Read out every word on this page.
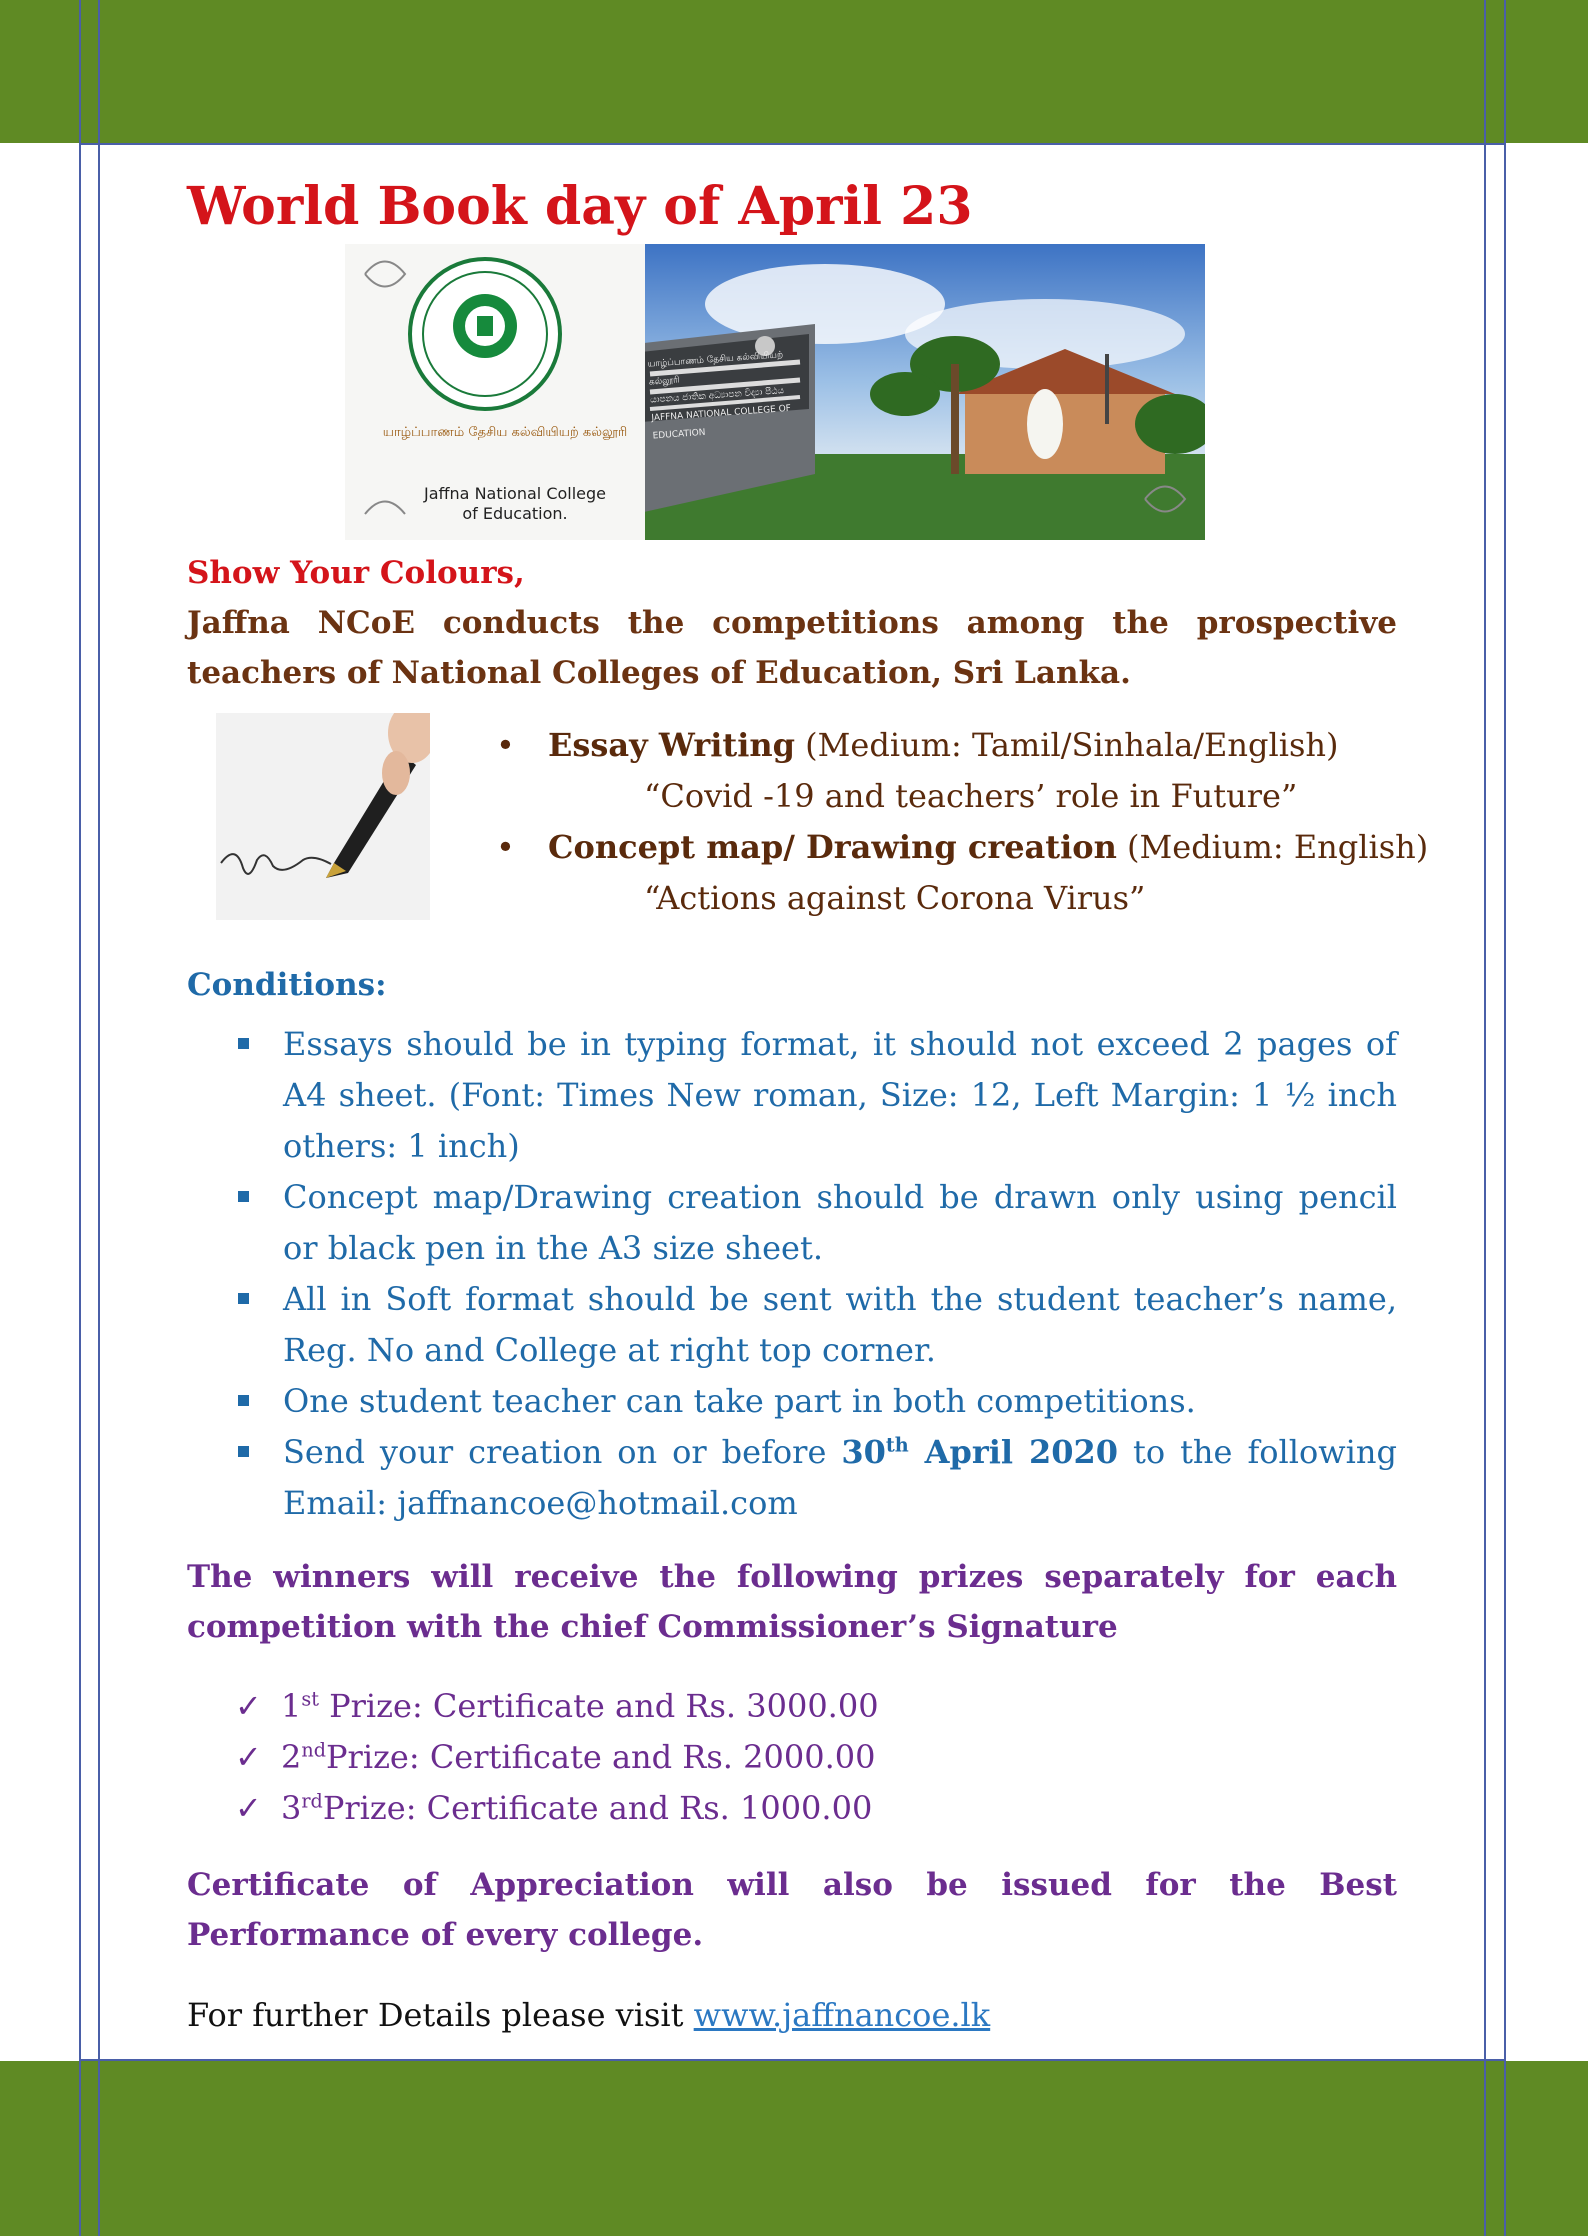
World Book day of April 23
யாழ்ப்பாணம் தேசிய கல்வியியற் கல்லூரி
Jaffna National College
of Education.
யாழ்ப்பாணம் தேசிய கல்வியியற் கல்லூரி
යාපනය ජාතික අධ්‍යාපන විද්‍යා පීඨය
JAFFNA NATIONAL COLLEGE OF EDUCATION

Show Your Colours,

Jaffna NCoE conducts the competitions among the prospective teachers of National Colleges of Education, Sri Lanka.

• Essay Writing (Medium: Tamil/Sinhala/English)
“Covid -19 and teachers’ role in Future”
• Concept map/ Drawing creation (Medium: English)
“Actions against Corona Virus”

Conditions:

Essays should be in typing format, it should not exceed 2 pages of A4 sheet. (Font: Times New roman, Size: 12, Left Margin: 1 ½ inch others: 1 inch)
Concept map/Drawing creation should be drawn only using pencil or black pen in the A3 size sheet.
All in Soft format should be sent with the student teacher’s name, Reg. No and College at right top corner.
One student teacher can take part in both competitions.
Send your creation on or before 30th April 2020 to the following Email: jaffnancoe@hotmail.com

The winners will receive the following prizes separately for each competition with the chief Commissioner’s Signature

✓ 1st Prize: Certificate and Rs. 3000.00
✓ 2ndPrize: Certificate and Rs. 2000.00
✓ 3rdPrize: Certificate and Rs. 1000.00

Certificate of Appreciation will also be issued for the Best Performance of every college.

For further Details please visit www.jaffnancoe.lk
